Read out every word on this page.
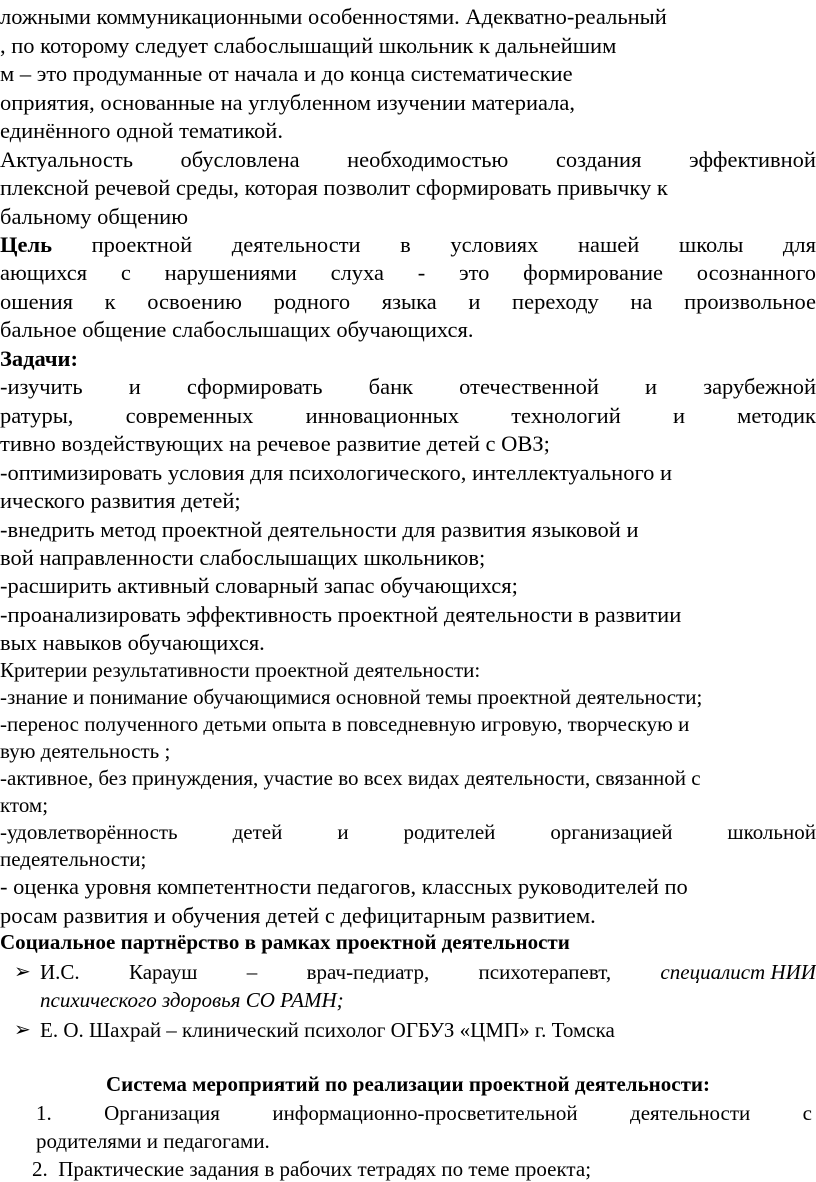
ложными коммуникационными особенностями. Адекватно-реальный
, по которому следует слабослышащий школьник к дальнейшим
м – это продуманные от начала и до конца систематические
оприятия, основанные на углубленном изучении материала,
единённого одной тематикой.
Актуальность обусловлена необходимостью создания эффективной
плексной речевой среды, которая позволит сформировать привычку к
бальному общению
Цель проектной деятельности в условиях нашей школы для
ающихся с нарушениями слуха - это формирование осознанного
ошения к освоению родного языка и переходу на произвольное
бальное общение слабослышащих обучающихся.
Задачи:
-изучить и сформировать банк отечественной и зарубежной
ратуры, современных инновационных технологий и методик
тивно воздействующих на речевое развитие детей с ОВЗ;
-оптимизировать условия для психологического, интеллектуального и
ического развития детей;
-внедрить метод проектной деятельности для развития языковой и
вой направленности слабослышащих школьников;
-расширить активный словарный запас обучающихся;
-проанализировать эффективность проектной деятельности в развитии
вых навыков обучающихся.
Критерии результативности проектной деятельности:
-знание и понимание обучающимися основной темы проектной деятельности;
-перенос полученного детьми опыта в повседневную игровую, творческую и
вую деятельность ;
-активное, без принуждения, участие во всех видах деятельности, связанной с
ктом;
-удовлетворённость	детей	и	родителей	организацией	школьной
педеятельности;
- оценка уровня компетентности педагогов, классных руководителей по
росам развития и обучения детей с дефицитарным развитием.
Социальное партнёрство в рамках проектной деятельности
➢ И.С. Карауш – врач-педиатр, психотерапевт, специалист НИИ
психического здоровья СО РАМН;
➢ Е. О. Шахрай – клинический психолог ОГБУЗ «ЦМП» г. Томска
Система мероприятий по реализации проектной деятельности:
1. Организация информационно-просветительной деятельности с
родителями и педагогами.
2.  Практические задания в рабочих тетрадях по теме проекта;
